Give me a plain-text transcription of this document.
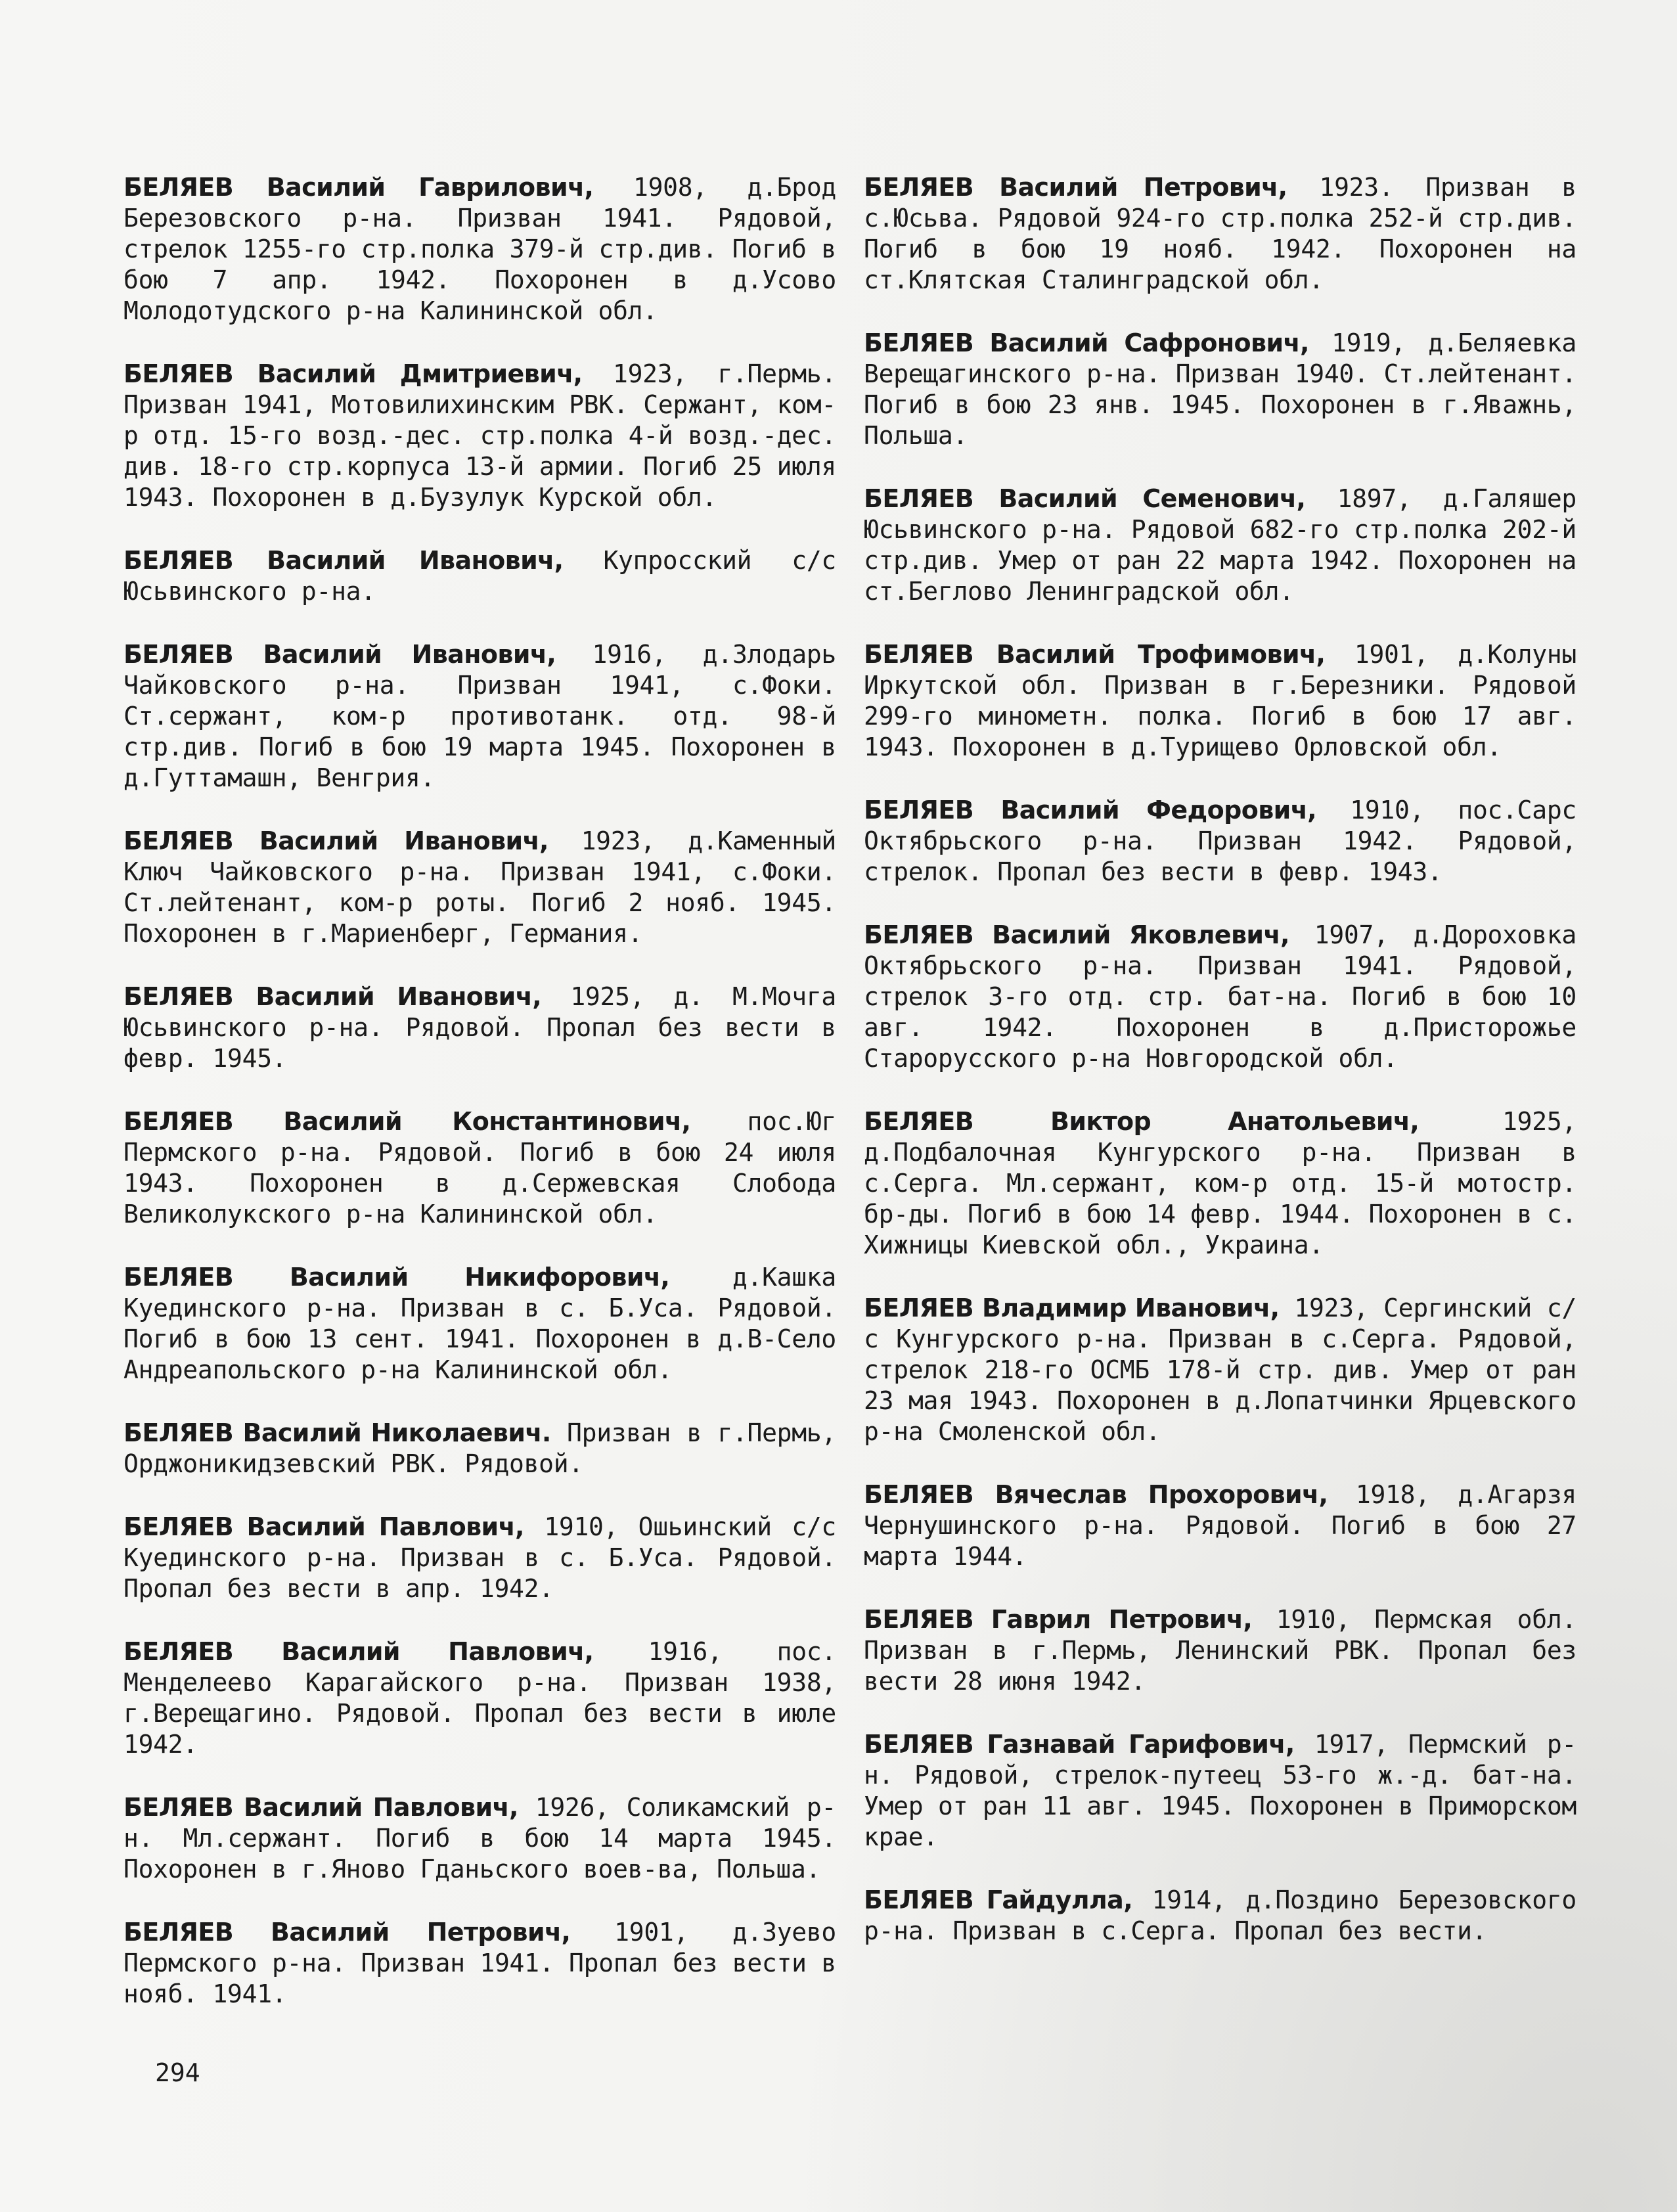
БЕЛЯЕВ Василий Гаврилович, 1908, д.Брод Березовского р-на. Призван 1941. Рядовой, стрелок 1255-го стр.полка 379-й стр.див. Погиб в бою 7 апр. 1942. Похоронен в д.Усово Молодотудского р-на Калининской обл.

БЕЛЯЕВ Василий Дмитриевич, 1923, г.Пермь. Призван 1941, Мотовилихинским РВК. Сержант, ком-р отд. 15-го возд.-дес. стр.полка 4-й возд.-дес. див. 18-го стр.корпуса 13-й армии. Погиб 25 июля 1943. Похоронен в д.Бузулук Курской обл.

БЕЛЯЕВ Василий Иванович, Купросский с/с Юсьвинского р-на.

БЕЛЯЕВ Василий Иванович, 1916, д.Злодарь Чайковского р-на. Призван 1941, с.Фоки. Ст.сержант, ком-р противотанк. отд. 98-й стр.див. Погиб в бою 19 марта 1945. Похоронен в д.Гуттамашн, Венгрия.

БЕЛЯЕВ Василий Иванович, 1923, д.Каменный Ключ Чайковского р-на. Призван 1941, с.Фоки. Ст.лейтенант, ком-р роты. Погиб 2 нояб. 1945. Похоронен в г.Мариенберг, Германия.

БЕЛЯЕВ Василий Иванович, 1925, д. М.Мочга Юсьвинского р-на. Рядовой. Пропал без вести в февр. 1945.

БЕЛЯЕВ Василий Константинович, пос.Юг Пермского р-на. Рядовой. Погиб в бою 24 июля 1943. Похоронен в д.Сержевская Слобода Великолукского р-на Калининской обл.

БЕЛЯЕВ Василий Никифорович, д.Кашка Куединского р-на. Призван в с. Б.Уса. Рядовой. Погиб в бою 13 сент. 1941. Похоронен в д.В-Село Андреапольского р-на Калининской обл.

БЕЛЯЕВ Василий Николаевич. Призван в г.Пермь, Орджоникидзевский РВК. Рядовой.

БЕЛЯЕВ Василий Павлович, 1910, Ошьинский с/с Куединского р-на. Призван в с. Б.Уса. Рядовой. Пропал без вести в апр. 1942.

БЕЛЯЕВ Василий Павлович, 1916, пос. Менделеево Карагайского р-на. Призван 1938, г.Верещагино. Рядовой. Пропал без вести в июле 1942.

БЕЛЯЕВ Василий Павлович, 1926, Соликамский р-н. Мл.сержант. Погиб в бою 14 марта 1945. Похоронен в г.Яново Гданьского воев-ва, Польша.

БЕЛЯЕВ Василий Петрович, 1901, д.Зуево Пермского р-на. Призван 1941. Пропал без вести в нояб. 1941.

БЕЛЯЕВ Василий Петрович, 1923. Призван в с.Юсьва. Рядовой 924-го стр.полка 252-й стр.див. Погиб в бою 19 нояб. 1942. Похоронен на ст.Клятская Сталинградской обл.

БЕЛЯЕВ Василий Сафронович, 1919, д.Беляевка Верещагинского р-на. Призван 1940. Ст.лейтенант. Погиб в бою 23 янв. 1945. Похоронен в г.Яважнь, Польша.

БЕЛЯЕВ Василий Семенович, 1897, д.Галяшер Юсьвинского р-на. Рядовой 682-го стр.полка 202-й стр.див. Умер от ран 22 марта 1942. Похоронен на ст.Беглово Ленинградской обл.

БЕЛЯЕВ Василий Трофимович, 1901, д.Колуны Иркутской обл. Призван в г.Березники. Рядовой 299-го минометн. полка. Погиб в бою 17 авг. 1943. Похоронен в д.Турищево Орловской обл.

БЕЛЯЕВ Василий Федорович, 1910, пос.Сарс Октябрьского р-на. Призван 1942. Рядовой, стрелок. Пропал без вести в февр. 1943.

БЕЛЯЕВ Василий Яковлевич, 1907, д.Дороховка Октябрьского р-на. Призван 1941. Рядовой, стрелок 3-го отд. стр. бат-на. Погиб в бою 10 авг. 1942. Похоронен в д.Присторожье Старорусского р-на Новгородской обл.

БЕЛЯЕВ Виктор Анатольевич, 1925, д.Подбалочная Кунгурского р-на. Призван в с.Серга. Мл.сержант, ком-р отд. 15-й мотостр. бр-ды. Погиб в бою 14 февр. 1944. Похоронен в с. Хижницы Киевской обл., Украина.

БЕЛЯЕВ Владимир Иванович, 1923, Сергинский с/с Кунгурского р-на. Призван в с.Серга. Рядовой, стрелок 218-го ОСМБ 178-й стр. див. Умер от ран 23 мая 1943. Похоронен в д.Лопатчинки Ярцевского р-на Смоленской обл.

БЕЛЯЕВ Вячеслав Прохорович, 1918, д.Агарзя Чернушинского р-на. Рядовой. Погиб в бою 27 марта 1944.

БЕЛЯЕВ Гаврил Петрович, 1910, Пермская обл. Призван в г.Пермь, Ленинский РВК. Пропал без вести 28 июня 1942.

БЕЛЯЕВ Газнавай Гарифович, 1917, Пермский р-н. Рядовой, стрелок-путеец 53-го ж.-д. бат-на. Умер от ран 11 авг. 1945. Похоронен в Приморском крае.

БЕЛЯЕВ Гайдулла, 1914, д.Поздино Березовского р-на. Призван в с.Серга. Пропал без вести.

294
